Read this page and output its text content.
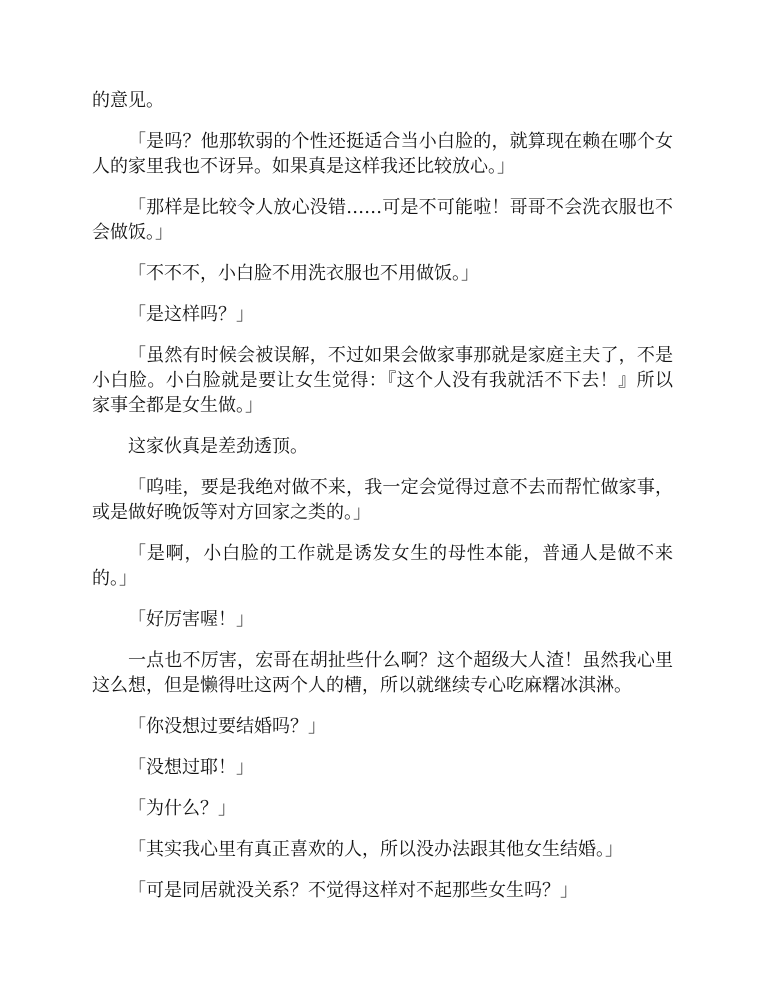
的意见。

「是吗？他那软弱的个性还挺适合当小白脸的，就算现在赖在哪个女人的家里我也不讶异。如果真是这样我还比较放心。」

「那样是比较令人放心没错……可是不可能啦！哥哥不会洗衣服也不会做饭。」

「不不不，小白脸不用洗衣服也不用做饭。」

「是这样吗？」

「虽然有时候会被误解，不过如果会做家事那就是家庭主夫了，不是小白脸。小白脸就是要让女生觉得：『这个人没有我就活不下去！』所以家事全都是女生做。」

这家伙真是差劲透顶。

「呜哇，要是我绝对做不来，我一定会觉得过意不去而帮忙做家事，或是做好晚饭等对方回家之类的。」

「是啊，小白脸的工作就是诱发女生的母性本能，普通人是做不来的。」

「好厉害喔！」

一点也不厉害，宏哥在胡扯些什么啊？这个超级大人渣！虽然我心里这么想，但是懒得吐这两个人的槽，所以就继续专心吃麻糬冰淇淋。

「你没想过要结婚吗？」

「没想过耶！」

「为什么？」

「其实我心里有真正喜欢的人，所以没办法跟其他女生结婚。」

「可是同居就没关系？不觉得这样对不起那些女生吗？」
